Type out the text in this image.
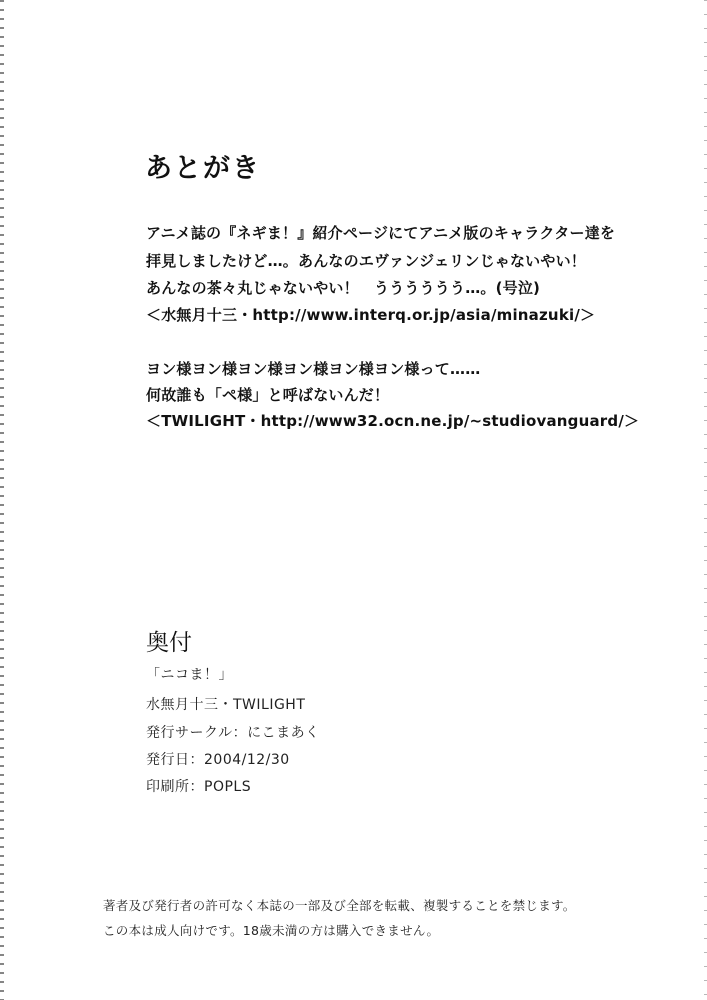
あとがき
アニメ誌の『ネギま！』紹介ページにてアニメ版のキャラクター達を
拝見しましたけど…。あんなのエヴァンジェリンじゃないやい！
あんなの茶々丸じゃないやい！　うううううう…。(号泣)
＜水無月十三・http://www.interq.or.jp/asia/minazuki/＞
ヨン様ヨン様ヨン様ヨン様ヨン様ヨン様って……
何故誰も「ペ様」と呼ばないんだ！
＜TWILIGHT・http://www32.ocn.ne.jp/~studiovanguard/＞
奥付
「ニコま！」
水無月十三・TWILIGHT
発行サークル：にこまあく
発行日：2004/12/30
印刷所：POPLS
著者及び発行者の許可なく本誌の一部及び全部を転載、複製することを禁じます。
この本は成人向けです。18歳未満の方は購入できません。
